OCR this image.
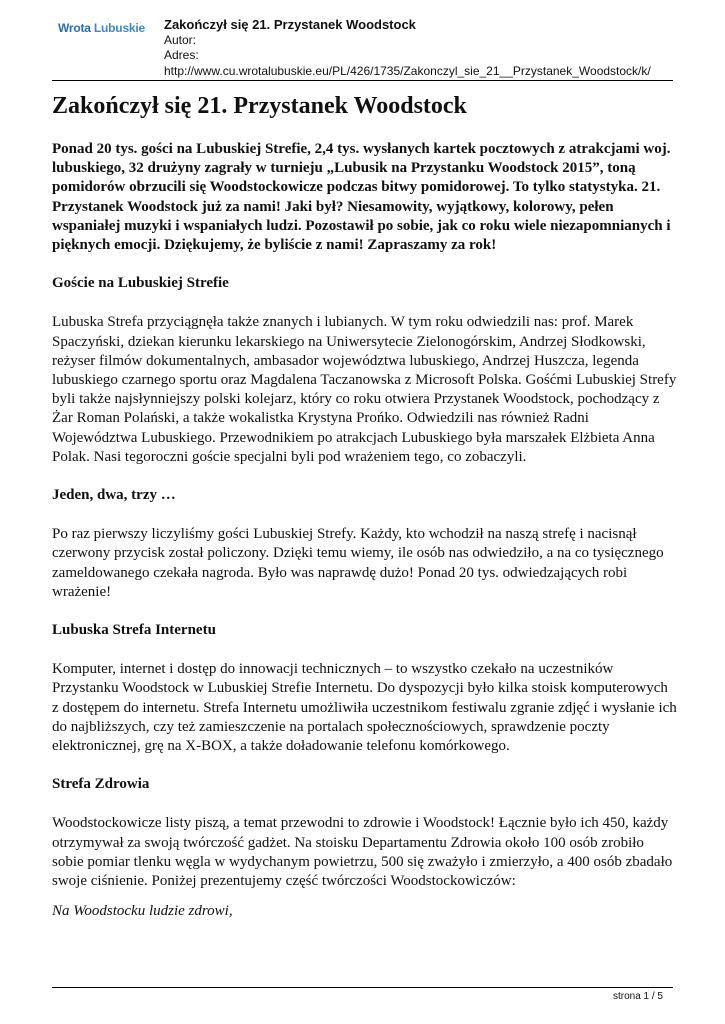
Wrota Lubuskie Zakończył się 21. Przystanek Woodstock
Autor:
Adres:
http://www.cu.wrotalubuskie.eu/PL/426/1735/Zakonczyl_sie_21__Przystanek_Woodstock/k/
Zakończył się 21. Przystanek Woodstock
Ponad 20 tys. gości na Lubuskiej Strefie, 2,4 tys. wysłanych kartek pocztowych z atrakcjami woj. lubuskiego, 32 drużyny zagrały w turnieju „Lubusik na Przystanku Woodstock 2015”, toną pomidorów obrzucili się Woodstockowicze podczas bitwy pomidorowej. To tylko statystyka. 21. Przystanek Woodstock już za nami! Jaki był? Niesamowity, wyjątkowy, kolorowy, pełen wspaniałej muzyki i wspaniałych ludzi. Pozostawił po sobie, jak co roku wiele niezapomnianych i pięknych emocji. Dziękujemy, że byliście z nami! Zapraszamy za rok!
Goście na Lubuskiej Strefie

Lubuska Strefa przyciągnęła także znanych i lubianych. W tym roku odwiedzili nas: prof. Marek Spaczyński, dziekan kierunku lekarskiego na Uniwersytecie Zielonogórskim, Andrzej Słodkowski, reżyser filmów dokumentalnych, ambasador województwa lubuskiego, Andrzej Huszcza, legenda lubuskiego czarnego sportu oraz Magdalena Taczanowska z Microsoft Polska. Gośćmi Lubuskiej Strefy byli także najsłynniejszy polski kolejarz, który co roku otwiera Przystanek Woodstock, pochodzący z Żar Roman Polański, a także wokalistka Krystyna Prońko. Odwiedzili nas również Radni Województwa Lubuskiego. Przewodnikiem po atrakcjach Lubuskiego była marszałek Elżbieta Anna Polak. Nasi tegoroczni goście specjalni byli pod wrażeniem tego, co zobaczyli.

Jeden, dwa, trzy …

Po raz pierwszy liczyliśmy gości Lubuskiej Strefy. Każdy, kto wchodził na naszą strefę i nacisnął czerwony przycisk został policzony. Dzięki temu wiemy, ile osób nas odwiedziło, a na co tysięcznego zameldowanego czekała nagroda. Było was naprawdę dużo! Ponad 20 tys. odwiedzających robi wrażenie!

Lubuska Strefa Internetu

Komputer, internet i dostęp do innowacji technicznych – to wszystko czekało na uczestników Przystanku Woodstock w Lubuskiej Strefie Internetu. Do dyspozycji było kilka stoisk komputerowych z dostępem do internetu. Strefa Internetu umożliwiła uczestnikom festiwalu zgranie zdjęć i wysłanie ich do najbliższych, czy też zamieszczenie na portalach społecznościowych, sprawdzenie poczty elektronicznej, grę na X-BOX, a także doładowanie telefonu komórkowego.

Strefa Zdrowia

Woodstockowicze listy piszą, a temat przewodni to zdrowie i Woodstock! Łącznie było ich 450, każdy otrzymywał za swoją twórczość gadżet. Na stoisku Departamentu Zdrowia około 100 osób zrobiło sobie pomiar tlenku węgla w wydychanym powietrzu, 500 się zważyło i zmierzyło, a 400 osób zbadało swoje ciśnienie. Poniżej prezentujemy część twórczości Woodstockowiczów:

Na Woodstocku ludzie zdrowi,
strona 1 / 5
